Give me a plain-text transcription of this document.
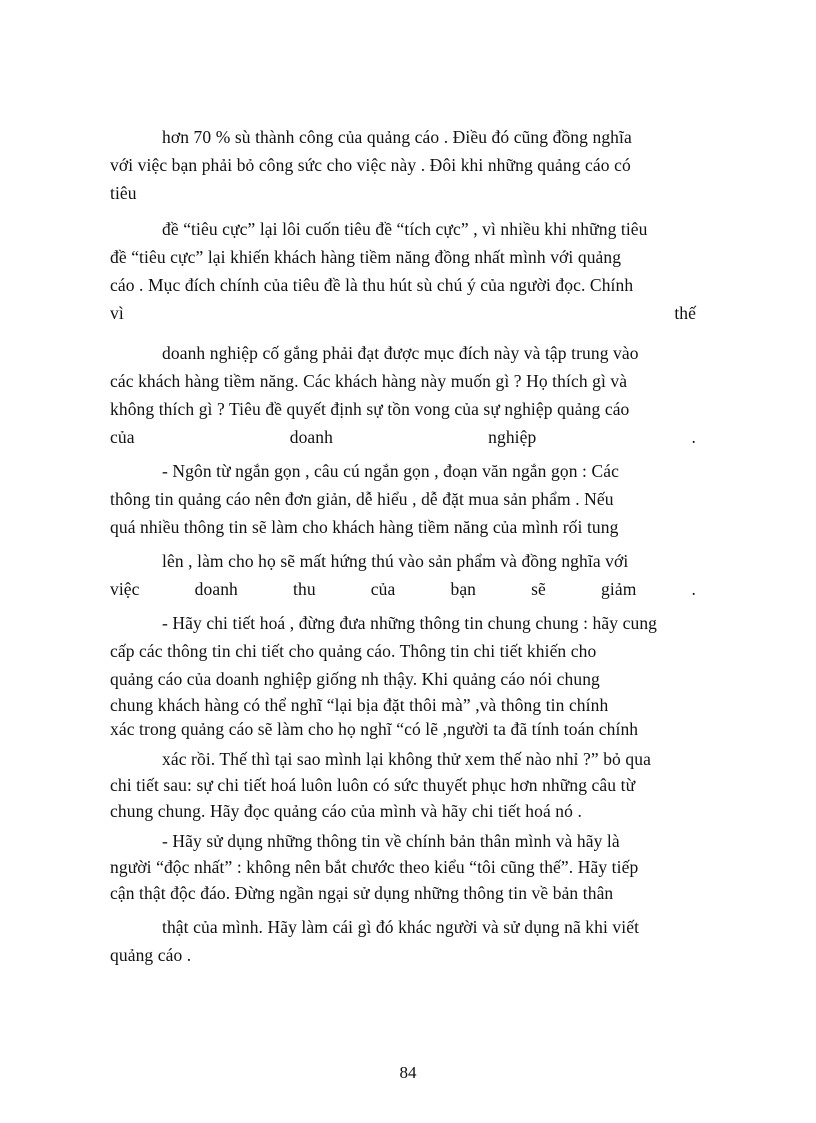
hơn 70 % sù thành công của quảng cáo . Điều đó cũng đồng nghĩa
với việc bạn phải bỏ công sức cho việc này . Đôi khi những quảng cáo có
tiêu
đề “tiêu cực” lại lôi cuốn tiêu đề “tích cực” , vì nhiều khi những tiêu
đề “tiêu cực” lại khiến khách hàng tiềm năng đồng nhất mình với quảng
cáo . Mục đích chính của tiêu đề là thu hút sù chú ý của người đọc. Chính
vì	thế
doanh nghiệp cố gắng phải đạt được mục đích này và tập trung vào
các khách hàng tiềm năng. Các khách hàng này muốn gì ? Họ thích gì và
không thích gì ? Tiêu đề quyết định sự tồn vong của sự nghiệp quảng cáo
của	doanh	nghiệp	.
- Ngôn từ ngắn gọn , câu cú ngắn gọn , đoạn văn ngắn gọn : Các
thông tin quảng cáo nên đơn giản, dễ hiểu , dễ đặt mua sản phẩm . Nếu
quá nhiều thông tin sẽ làm cho khách hàng tiềm năng của mình rối tung
lên , làm cho họ sẽ mất hứng thú vào sản phẩm và đồng nghĩa với
việc	doanh	thu	của	bạn	sẽ	giảm	.
- Hãy chi tiết hoá , đừng đưa những thông tin chung chung : hãy cung
cấp các thông tin chi tiết cho quảng cáo. Thông tin chi tiết khiến cho
quảng cáo của doanh nghiệp giống nh thậy. Khi quảng cáo nói chung
chung khách hàng có thể nghĩ “lại bịa đặt thôi mà” ,và thông tin chính
xác trong quảng cáo sẽ làm cho họ nghĩ “có lẽ ,người ta đã tính toán chính
xác rồi. Thế thì tại sao mình lại không thử xem thế nào nhỉ ?” bỏ qua
chi tiết sau: sự chi tiết hoá luôn luôn có sức thuyết phục hơn những câu từ
chung chung. Hãy đọc quảng cáo của mình và hãy chi tiết hoá nó .
- Hãy sử dụng những thông tin về chính bản thân mình và hãy là
người “độc nhất” : không nên bắt chước theo kiểu “tôi cũng thế”. Hãy tiếp
cận thật độc đáo. Đừng ngần ngại sử dụng những thông tin về bản thân
thật của mình. Hãy làm cái gì đó khác người và sử dụng nã khi viết
quảng cáo .
84
